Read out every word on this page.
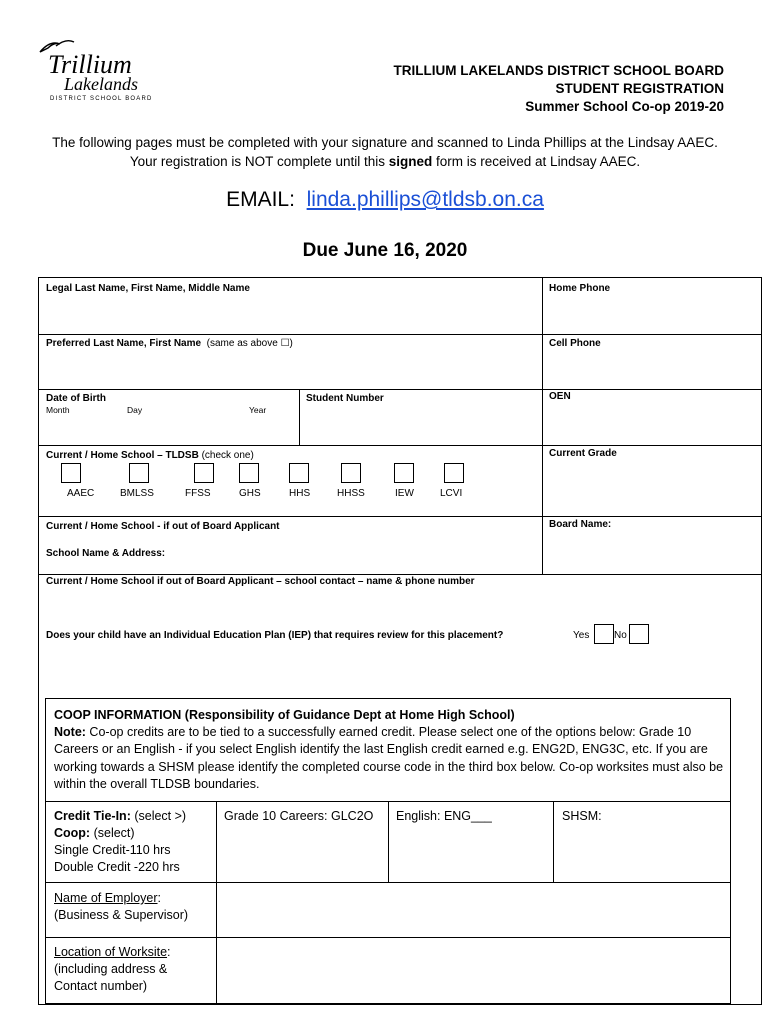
Trillium
Lakelands
DISTRICT SCHOOL BOARD
TRILLIUM LAKELANDS DISTRICT SCHOOL BOARD
STUDENT REGISTRATION
Summer School Co-op 2019-20
The following pages must be completed with your signature and scanned to Linda Phillips at the Lindsay AAEC. Your registration is NOT complete until this signed form is received at Lindsay AAEC.
EMAIL: linda.phillips@tldsb.on.ca
Due June 16, 2020
Legal Last Name, First Name, Middle Name	Home Phone
Preferred Last Name, First Name (same as above ☐)	Cell Phone
Date of Birth
Month	Day	Year
Student Number	OEN
Current / Home School – TLDSB (check one)	Current Grade
AAEC	BMLSS	FFSS	GHS	HHS	HHSS	IEW	LCVI
Current / Home School - if out of Board Applicant	Board Name:
School Name & Address:
Current / Home School if out of Board Applicant – school contact – name & phone number
Does your child have an Individual Education Plan (IEP) that requires review for this placement?	Yes No
COOP INFORMATION (Responsibility of Guidance Dept at Home High School)
Note: Co-op credits are to be tied to a successfully earned credit. Please select one of the options below: Grade 10 Careers or an English - if you select English identify the last English credit earned e.g. ENG2D, ENG3C, etc. If you are working towards a SHSM please identify the completed course code in the third box below. Co-op worksites must also be within the overall TLDSB boundaries.
Credit Tie-In: (select >)
Coop: (select)
Single Credit-110 hrs
Double Credit -220 hrs
Grade 10 Careers: GLC2O English: ENG___	SHSM:
Name of Employer:
(Business & Supervisor)
Location of Worksite:
(including address &
Contact number)
